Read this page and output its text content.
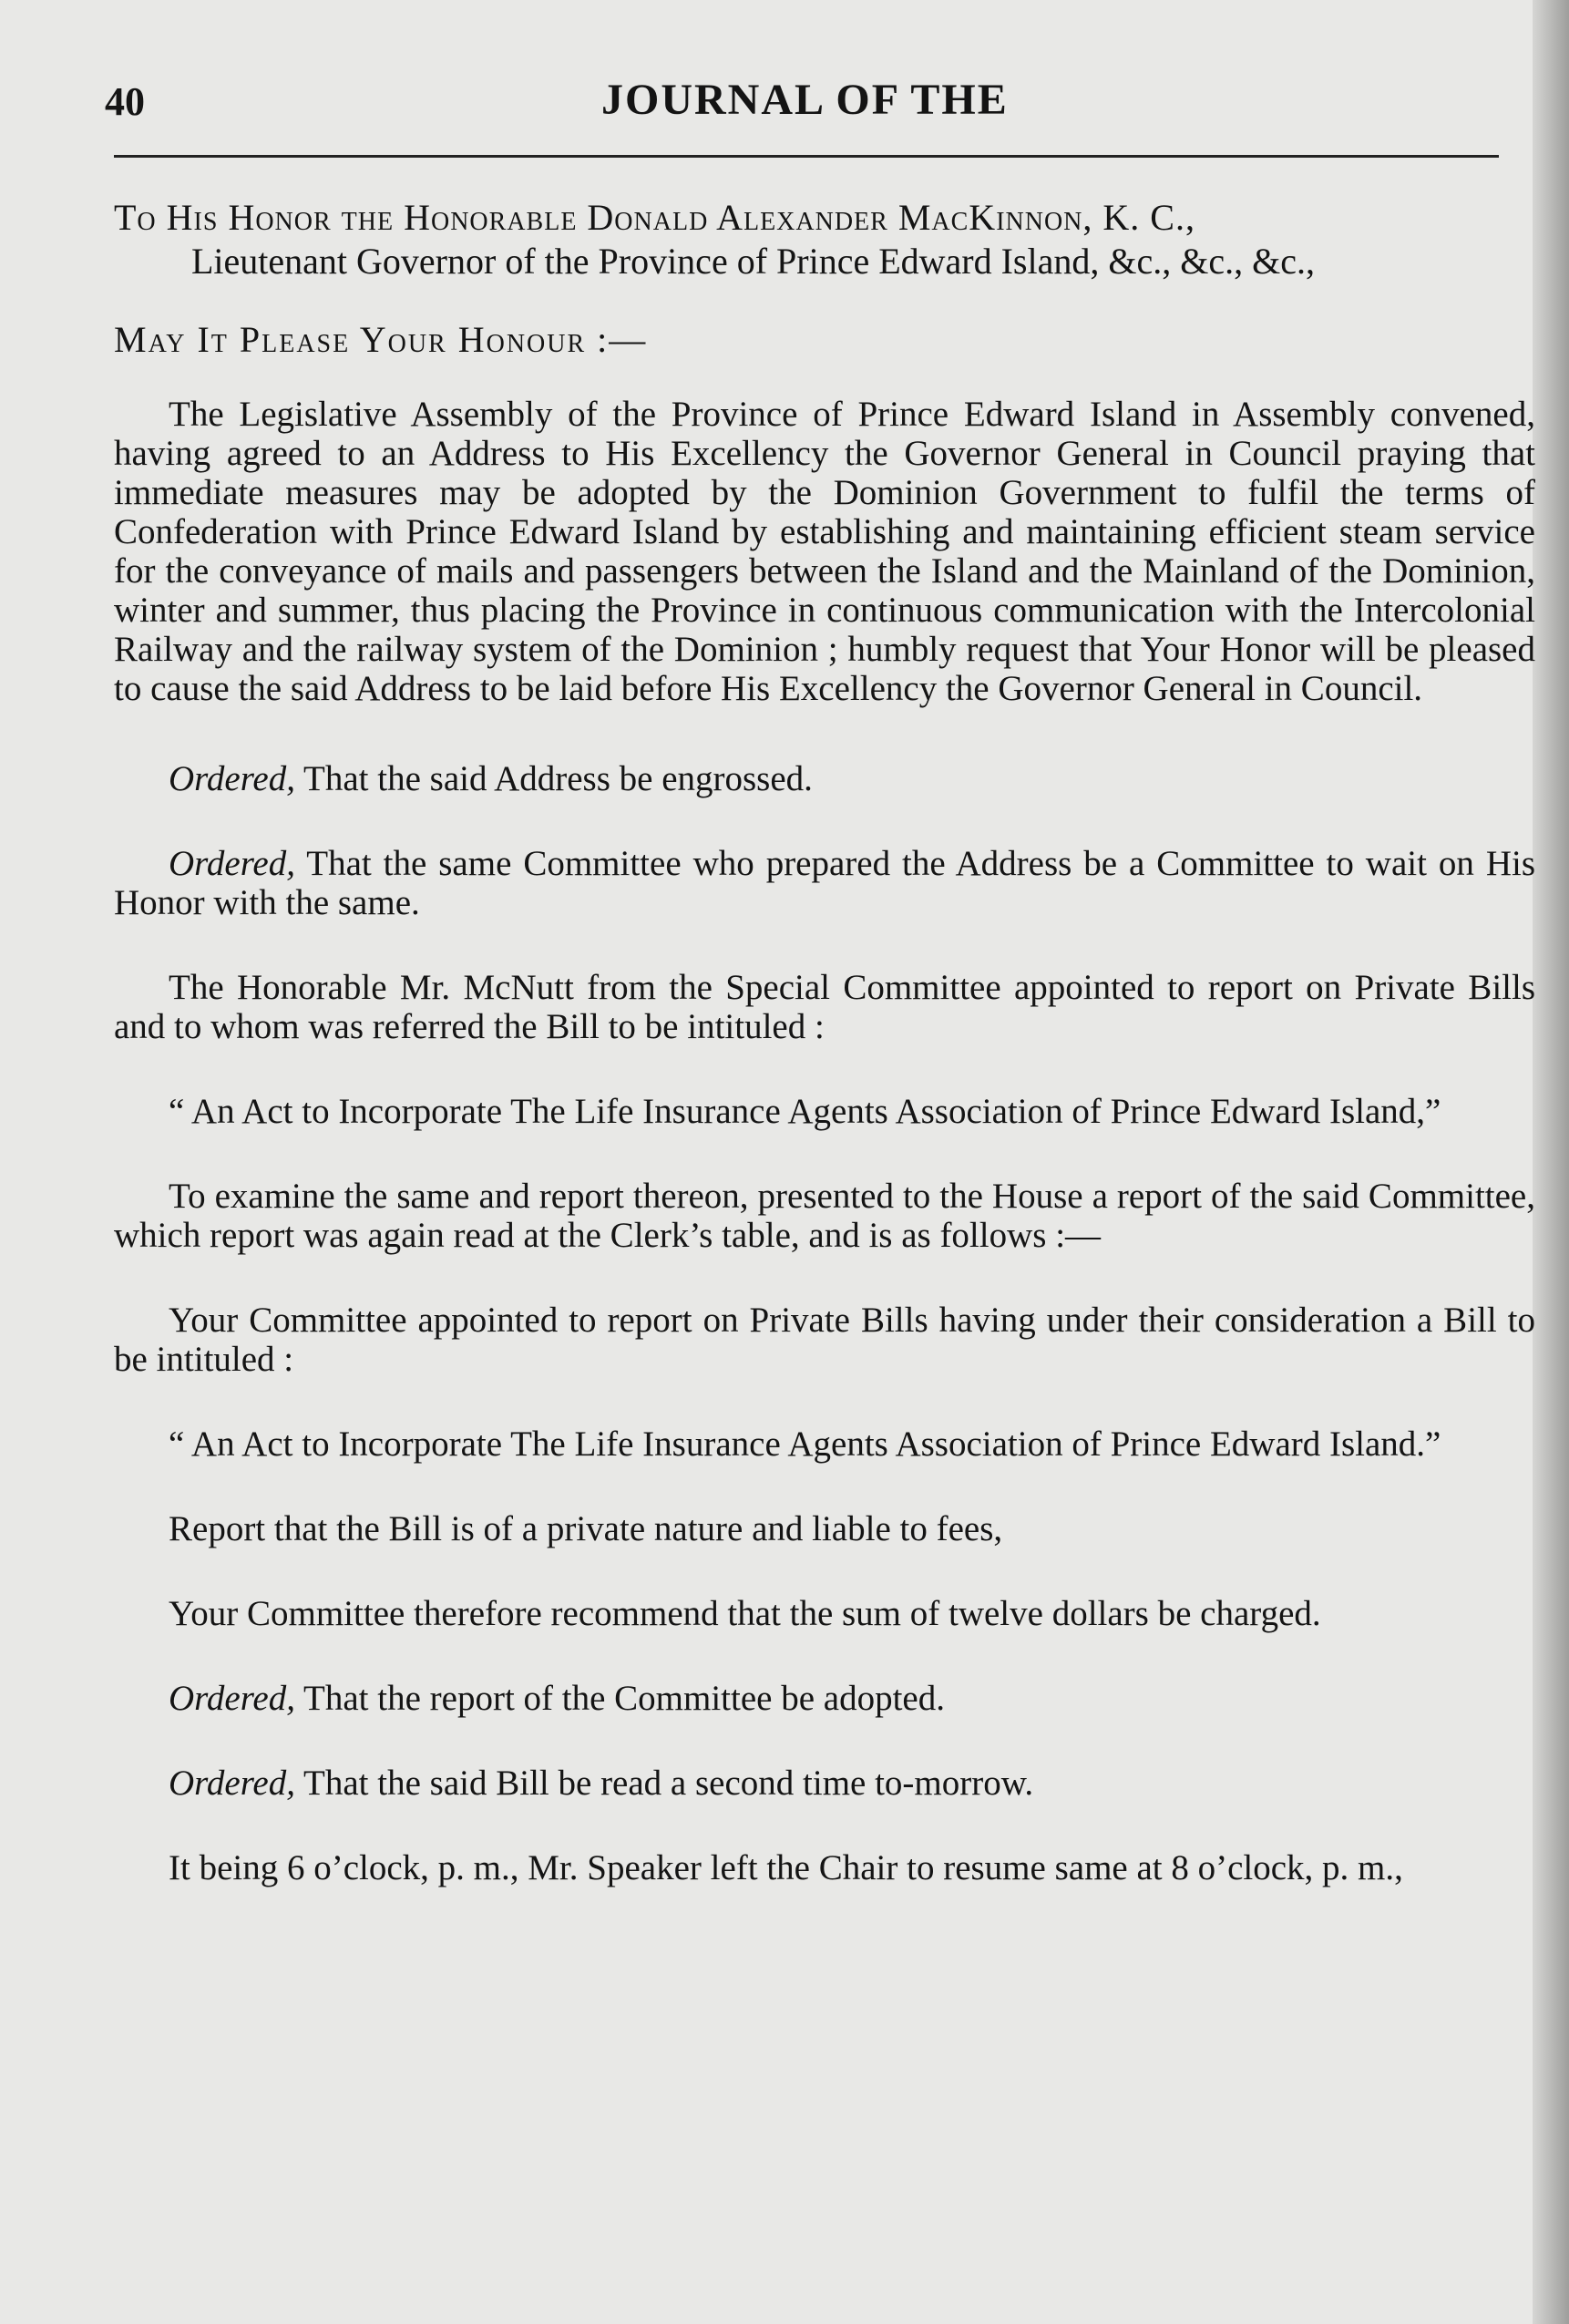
40	JOURNAL OF THE

To His Honor the Honorable Donald Alexander MacKinnon, K. C.,

Lieutenant Governor of the Province of Prince Edward Island, &c., &c., &c.,

May It Please Your Honour :—

The Legislative Assembly of the Province of Prince Edward Island in Assembly convened, having agreed to an Address to His Excellency the Governor General in Council praying that immediate measures may be adopted by the Dominion Government to fulfil the terms of Confederation with Prince Edward Island by establishing and maintaining efficient steam service for the conveyance of mails and passengers between the Island and the Mainland of the Dominion, winter and summer, thus placing the Province in continuous communication with the Intercolonial Railway and the railway system of the Dominion ; humbly request that Your Honor will be pleased to cause the said Address to be laid before His Excellency the Governor General in Council.

Ordered, That the said Address be engrossed.

Ordered, That the same Committee who prepared the Address be a Committee to wait on His Honor with the same.

The Honorable Mr. McNutt from the Special Committee appointed to report on Private Bills and to whom was referred the Bill to be intituled :

“ An Act to Incorporate The Life Insurance Agents Association of Prince Edward Island,”

To examine the same and report thereon, presented to the House a report of the said Committee, which report was again read at the Clerk’s table, and is as follows :—

Your Committee appointed to report on Private Bills having under their consideration a Bill to be intituled :

“ An Act to Incorporate The Life Insurance Agents Association of Prince Edward Island.”

Report that the Bill is of a private nature and liable to fees,

Your Committee therefore recommend that the sum of twelve dollars be charged.

Ordered, That the report of the Committee be adopted.

Ordered, That the said Bill be read a second time to-morrow.

It being 6 o’clock, p. m., Mr. Speaker left the Chair to resume same at 8 o’clock, p. m.,
